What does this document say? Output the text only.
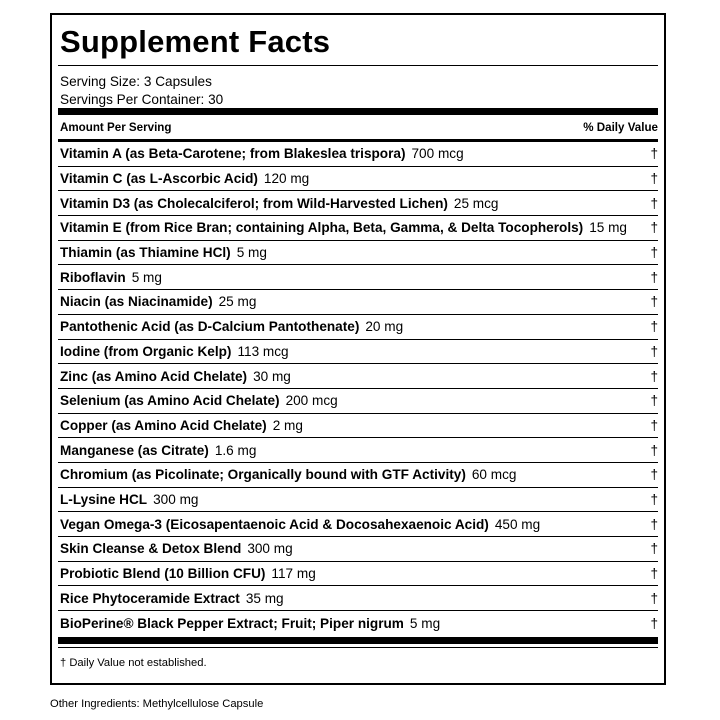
Supplement Facts
Serving Size: 3 Capsules
Servings Per Container: 30
Amount Per Serving	% Daily Value
Vitamin A (as Beta-Carotene; from Blakeslea trispora) 700 mcg	†
Vitamin C (as L-Ascorbic Acid) 120 mg	†
Vitamin D3 (as Cholecalciferol; from Wild-Harvested Lichen) 25 mcg	†
Vitamin E (from Rice Bran; containing Alpha, Beta, Gamma, & Delta Tocopherols) 15 mg †
Thiamin (as Thiamine HCl) 5 mg	†
Riboflavin 5 mg	†
Niacin (as Niacinamide) 25 mg	†
Pantothenic Acid (as D-Calcium Pantothenate) 20 mg	†
Iodine (from Organic Kelp) 113 mcg	†
Zinc (as Amino Acid Chelate) 30 mg	†
Selenium (as Amino Acid Chelate) 200 mcg	†
Copper (as Amino Acid Chelate) 2 mg	†
Manganese (as Citrate) 1.6 mg	†
Chromium (as Picolinate; Organically bound with GTF Activity) 60 mcg	†
L-Lysine HCL 300 mg	†
Vegan Omega-3 (Eicosapentaenoic Acid & Docosahexaenoic Acid) 450 mg	†
Skin Cleanse & Detox Blend 300 mg	†
Probiotic Blend (10 Billion CFU) 117 mg	†
Rice Phytoceramide Extract 35 mg	†
BioPerine® Black Pepper Extract; Fruit; Piper nigrum 5 mg	†
† Daily Value not established.
Other Ingredients: Methylcellulose Capsule
